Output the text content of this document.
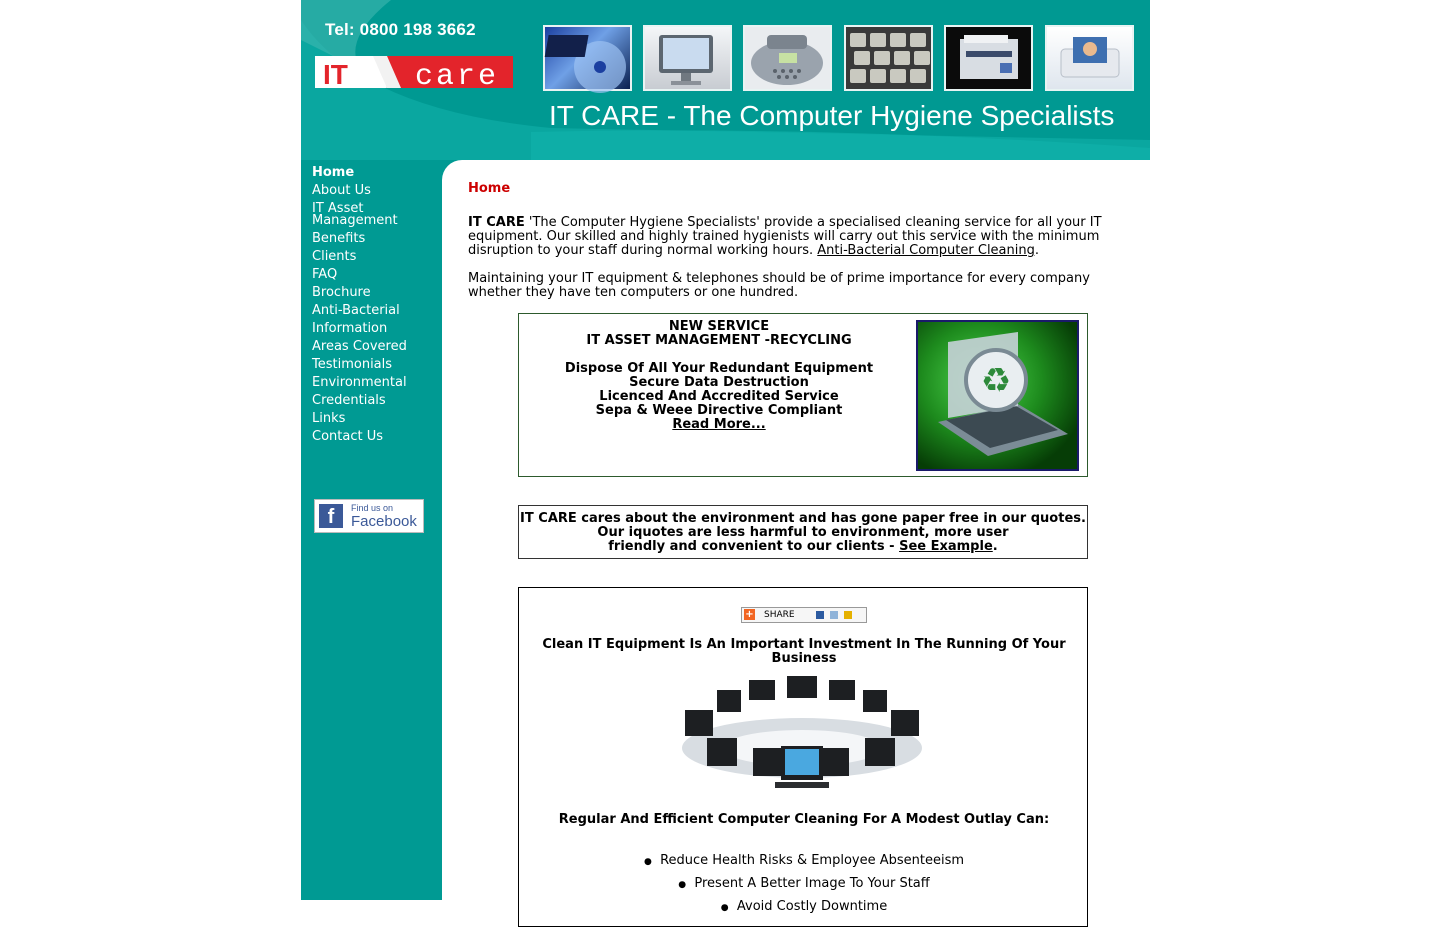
Tel: 0800 198 3662
IT care
IT CARE - The Computer Hygiene Specialists
Home
About Us
IT Asset
Management
Benefits
Clients
FAQ
Brochure
Anti-Bacterial
Information
Areas Covered
Testimonials
Environmental
Credentials
Links
Contact Us
f	Find us on
Facebook
Home
IT CARE 'The Computer Hygiene Specialists' provide a specialised cleaning service for all your IT equipment. Our skilled and highly trained hygienists will carry out this service with the minimum disruption to your staff during normal working hours. Anti-Bacterial Computer Cleaning.
Maintaining your IT equipment & telephones should be of prime importance for every company whether they have ten computers or one hundred.
NEW SERVICE
IT ASSET MANAGEMENT -RECYCLING
Dispose Of All Your Redundant Equipment
Secure Data Destruction
Licenced And Accredited Service
Sepa & Weee Directive Compliant
Read More...
♻
IT CARE cares about the environment and has gone paper free in our quotes.
Our iquotes are less harmful to environment, more user
friendly and convenient to our clients - See Example.
+ SHARE
Clean IT Equipment Is An Important Investment In The Running Of Your Business
Regular And Efficient Computer Cleaning For A Modest Outlay Can:
● Reduce Health Risks & Employee Absenteeism
● Present A Better Image To Your Staff
● Avoid Costly Downtime
